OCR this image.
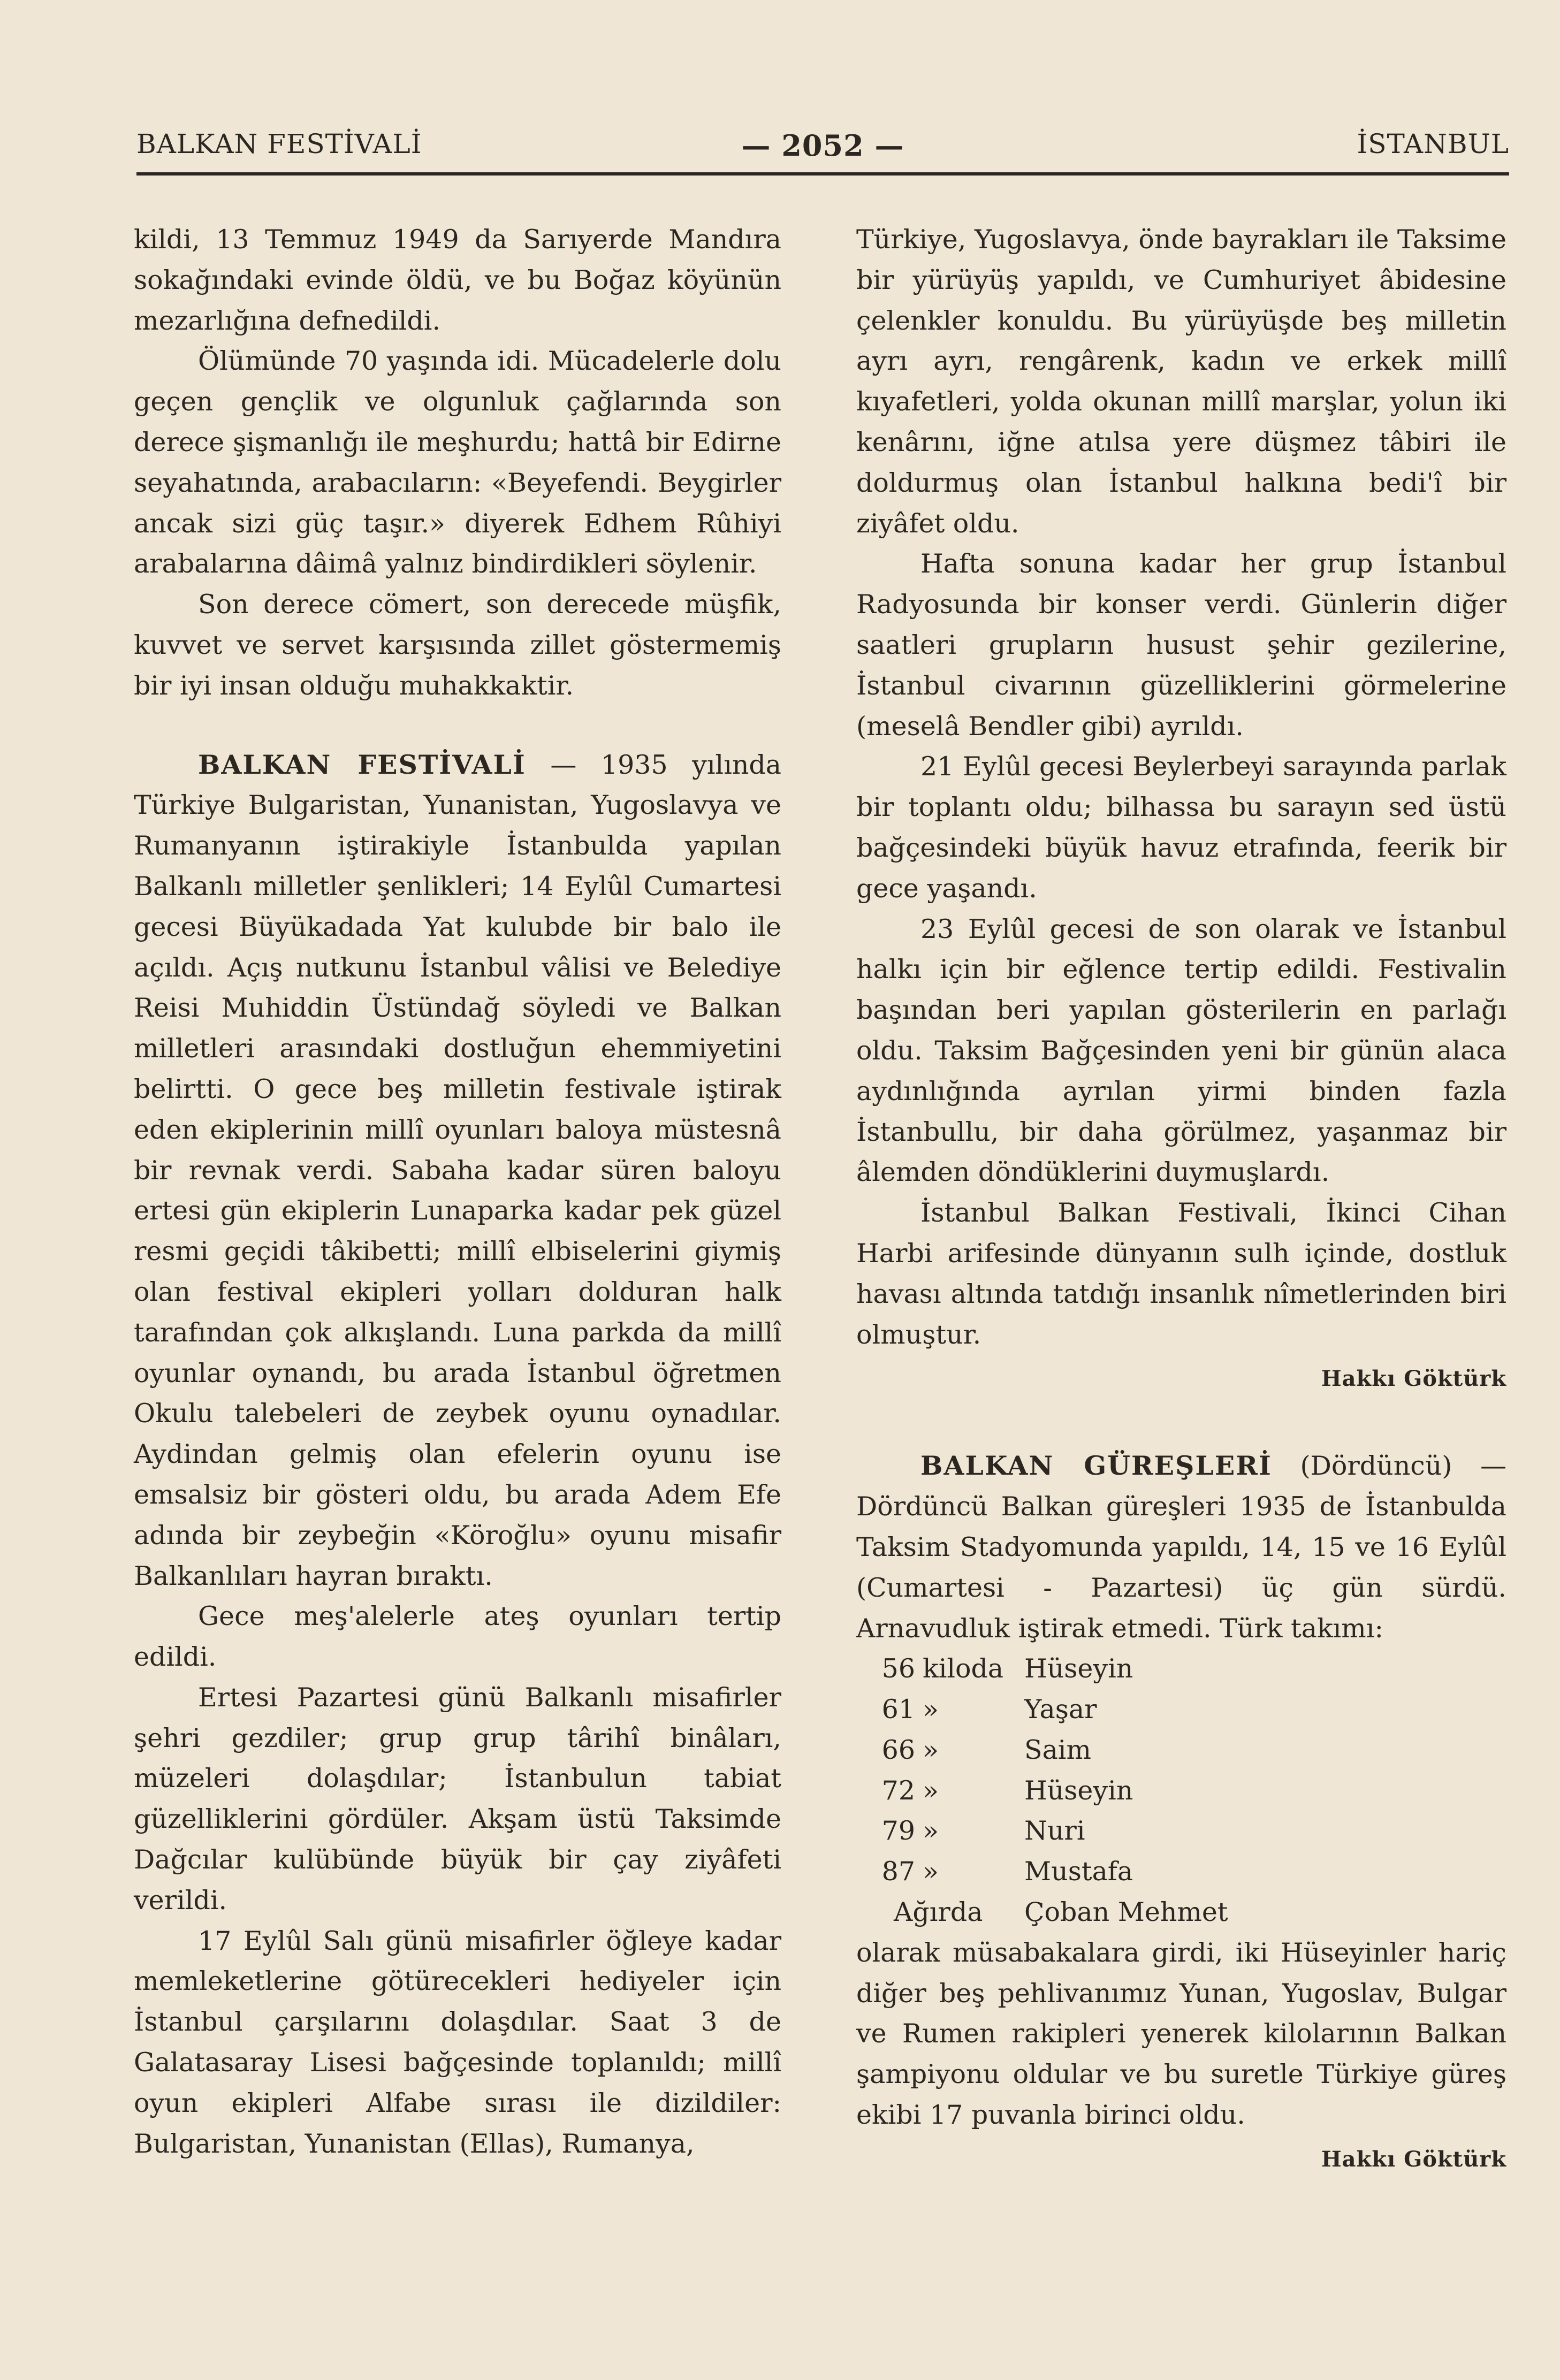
— 2052 —
BALKAN FESTİVALİ	İSTANBUL

kildi, 13 Temmuz 1949 da Sarıyerde Mandıra sokağındaki evinde öldü, ve bu Boğaz köyünün mezarlığına defnedildi.

Ölümünde 70 yaşında idi. Mücadelerle dolu geçen gençlik ve olgunluk çağlarında son derece şişmanlığı ile meşhurdu; hattâ bir Edirne seyahatında, arabacıların: «Beyefendi. Beygirler ancak sizi güç taşır.» diyerek Edhem Rûhiyi arabalarına dâimâ yalnız bindirdikleri söylenir.

Son derece cömert, son derecede müşfik, kuvvet ve servet karşısında zillet göstermemiş bir iyi insan olduğu muhakkaktir.

BALKAN FESTİVALİ — 1935 yılında Türkiye Bulgaristan, Yunanistan, Yugoslavya ve Rumanyanın iştirakiyle İstanbulda yapılan Balkanlı milletler şenlikleri; 14 Eylûl Cumartesi gecesi Büyükadada Yat kulubde bir balo ile açıldı. Açış nutkunu İstanbul vâlisi ve Belediye Reisi Muhiddin Üstündağ söyledi ve Balkan milletleri arasındaki dostluğun ehemmiyetini belirtti. O gece beş milletin festivale iştirak eden ekiplerinin millî oyunları baloya müstesnâ bir revnak verdi. Sabaha kadar süren baloyu ertesi gün ekiplerin Lunaparka kadar pek güzel resmi geçidi tâkibetti; millî elbiselerini giymiş olan festival ekipleri yolları dolduran halk tarafından çok alkışlandı. Luna parkda da millî oyunlar oynandı, bu arada İstanbul öğretmen Okulu talebeleri de zeybek oyunu oynadılar. Aydindan gelmiş olan efelerin oyunu ise emsalsiz bir gösteri oldu, bu arada Adem Efe adında bir zeybeğin «Köroğlu» oyunu misafir Balkanlıları hayran bıraktı.

Gece meş'alelerle ateş oyunları tertip edildi.

Ertesi Pazartesi günü Balkanlı misafirler şehri gezdiler; grup grup târihî binâları, müzeleri dolaşdılar; İstanbulun tabiat güzelliklerini gördüler. Akşam üstü Taksimde Dağcılar kulübünde büyük bir çay ziyâfeti verildi.

17 Eylûl Salı günü misafirler öğleye kadar memleketlerine götürecekleri hediyeler için İstanbul çarşılarını dolaşdılar. Saat 3 de Galatasaray Lisesi bağçesinde toplanıldı; millî oyun ekipleri Alfabe sırası ile dizildiler: Bulgaristan, Yunanistan (Ellas), Rumanya,

Türkiye, Yugoslavya, önde bayrakları ile Taksime bir yürüyüş yapıldı, ve Cumhuriyet âbidesine çelenkler konuldu. Bu yürüyüşde beş milletin ayrı ayrı, rengârenk, kadın ve erkek millî kıyafetleri, yolda okunan millî marşlar, yolun iki kenârını, iğne atılsa yere düşmez tâbiri ile doldurmuş olan İstanbul halkına bedi'î bir ziyâfet oldu.

Hafta sonuna kadar her grup İstanbul Radyosunda bir konser verdi. Günlerin diğer saatleri grupların husust şehir gezilerine, İstanbul civarının güzelliklerini görmelerine (meselâ Bendler gibi) ayrıldı.

21 Eylûl gecesi Beylerbeyi sarayında parlak bir toplantı oldu; bilhassa bu sarayın sed üstü bağçesindeki büyük havuz etrafında, feerik bir gece yaşandı.

23 Eylûl gecesi de son olarak ve İstanbul halkı için bir eğlence tertip edildi. Festivalin başından beri yapılan gösterilerin en parlağı oldu. Taksim Bağçesinden yeni bir günün alaca aydınlığında ayrılan yirmi binden fazla İstanbullu, bir daha görülmez, yaşanmaz bir âlemden döndüklerini duymuşlardı.

İstanbul Balkan Festivali, İkinci Cihan Harbi arifesinde dünyanın sulh içinde, dostluk havası altında tatdığı insanlık nîmetlerinden biri olmuştur.

Hakkı Göktürk

BALKAN GÜREŞLERİ (Dördüncü) — Dördüncü Balkan güreşleri 1935 de İstanbulda Taksim Stadyomunda yapıldı, 14, 15 ve 16 Eylûl (Cumartesi - Pazartesi) üç gün sürdü. Arnavudluk iştirak etmedi. Türk takımı:

56 kiloda Hüseyin
61 »	Yaşar
66 »	Saim
72 »	Hüseyin
79 »	Nuri
87 »	Mustafa
Ağırda	Çoban Mehmet

olarak müsabakalara girdi, iki Hüseyinler hariç diğer beş pehlivanımız Yunan, Yugoslav, Bulgar ve Rumen rakipleri yenerek kilolarının Balkan şampiyonu oldular ve bu suretle Türkiye güreş ekibi 17 puvanla birinci oldu.

Hakkı Göktürk
